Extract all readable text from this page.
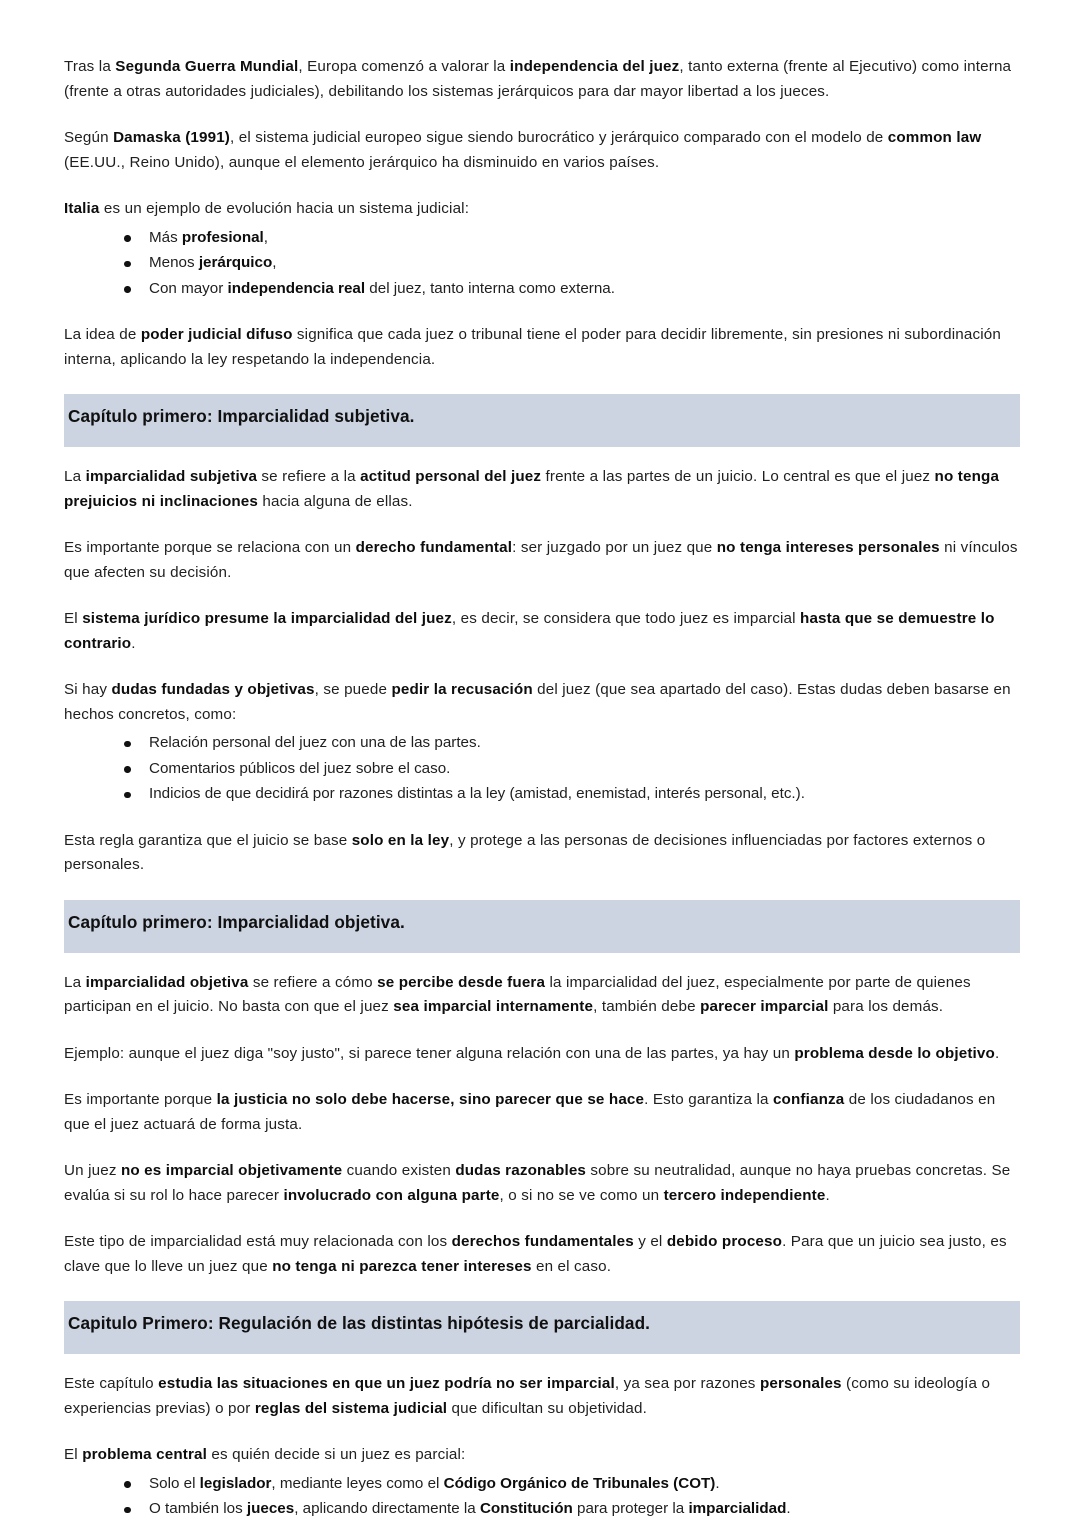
Tras la Segunda Guerra Mundial, Europa comenzó a valorar la independencia del juez, tanto externa (frente al Ejecutivo) como interna (frente a otras autoridades judiciales), debilitando los sistemas jerárquicos para dar mayor libertad a los jueces.

Según Damaska (1991), el sistema judicial europeo sigue siendo burocrático y jerárquico comparado con el modelo de common law (EE.UU., Reino Unido), aunque el elemento jerárquico ha disminuido en varios países.

Italia es un ejemplo de evolución hacia un sistema judicial:

Más profesional,
Menos jerárquico,
Con mayor independencia real del juez, tanto interna como externa.

La idea de poder judicial difuso significa que cada juez o tribunal tiene el poder para decidir libremente, sin presiones ni subordinación interna, aplicando la ley respetando la independencia.

Capítulo primero: Imparcialidad subjetiva.

La imparcialidad subjetiva se refiere a la actitud personal del juez frente a las partes de un juicio. Lo central es que el juez no tenga prejuicios ni inclinaciones hacia alguna de ellas.

Es importante porque se relaciona con un derecho fundamental: ser juzgado por un juez que no tenga intereses personales ni vínculos que afecten su decisión.

El sistema jurídico presume la imparcialidad del juez, es decir, se considera que todo juez es imparcial hasta que se demuestre lo contrario.

Si hay dudas fundadas y objetivas, se puede pedir la recusación del juez (que sea apartado del caso). Estas dudas deben basarse en hechos concretos, como:

Relación personal del juez con una de las partes.
Comentarios públicos del juez sobre el caso.
Indicios de que decidirá por razones distintas a la ley (amistad, enemistad, interés personal, etc.).

Esta regla garantiza que el juicio se base solo en la ley, y protege a las personas de decisiones influenciadas por factores externos o personales.

Capítulo primero: Imparcialidad objetiva.

La imparcialidad objetiva se refiere a cómo se percibe desde fuera la imparcialidad del juez, especialmente por parte de quienes participan en el juicio. No basta con que el juez sea imparcial internamente, también debe parecer imparcial para los demás.

Ejemplo: aunque el juez diga "soy justo", si parece tener alguna relación con una de las partes, ya hay un problema desde lo objetivo.

Es importante porque la justicia no solo debe hacerse, sino parecer que se hace. Esto garantiza la confianza de los ciudadanos en que el juez actuará de forma justa.

Un juez no es imparcial objetivamente cuando existen dudas razonables sobre su neutralidad, aunque no haya pruebas concretas. Se evalúa si su rol lo hace parecer involucrado con alguna parte, o si no se ve como un tercero independiente.

Este tipo de imparcialidad está muy relacionada con los derechos fundamentales y el debido proceso. Para que un juicio sea justo, es clave que lo lleve un juez que no tenga ni parezca tener intereses en el caso.

Capitulo Primero: Regulación de las distintas hipótesis de parcialidad.

Este capítulo estudia las situaciones en que un juez podría no ser imparcial, ya sea por razones personales (como su ideología o experiencias previas) o por reglas del sistema judicial que dificultan su objetividad.

El problema central es quién decide si un juez es parcial:

Solo el legislador, mediante leyes como el Código Orgánico de Tribunales (COT).
O también los jueces, aplicando directamente la Constitución para proteger la imparcialidad.
